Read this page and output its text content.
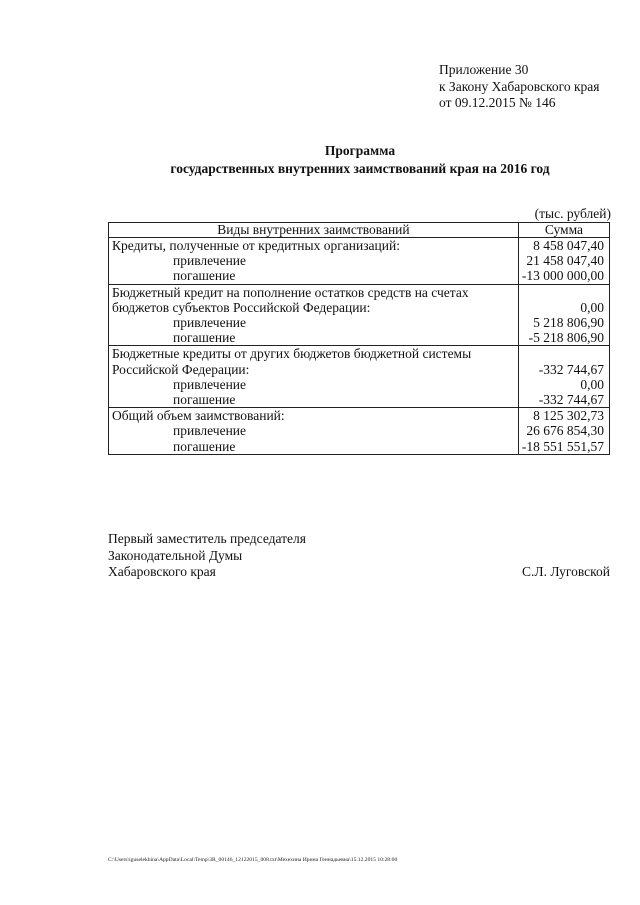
Приложение 30
к Закону Хабаровского края
от 09.12.2015 № 146
Программа
государственных внутренних заимствований края на 2016 год
(тыс. рублей)
Виды внутренних заимствований	Сумма
Кредиты, полученные от кредитных организаций:	8 458 047,40
привлечение	21 458 047,40
погашение	-13 000 000,00
Бюджетный кредит на пополнение остатков средств на счетах	
бюджетов субъектов Российской Федерации:	0,00
привлечение	5 218 806,90
погашение	-5 218 806,90
Бюджетные кредиты от других бюджетов бюджетной системы	
Российской Федерации:	-332 744,67
привлечение	0,00
погашение	-332 744,67
Общий объем заимствований:	8 125 302,73
привлечение	26 676 854,30
погашение	-18 551 551,57
Первый заместитель председателя
Законодательной Думы
Хабаровского края	С.Л. Луговской
C:\Users\iguselekhina\AppData\Local\Temp\3R_00146_12122015_008.txt\Мехехина Ирина Геннадьевна\15.12.2015 10:28:00
